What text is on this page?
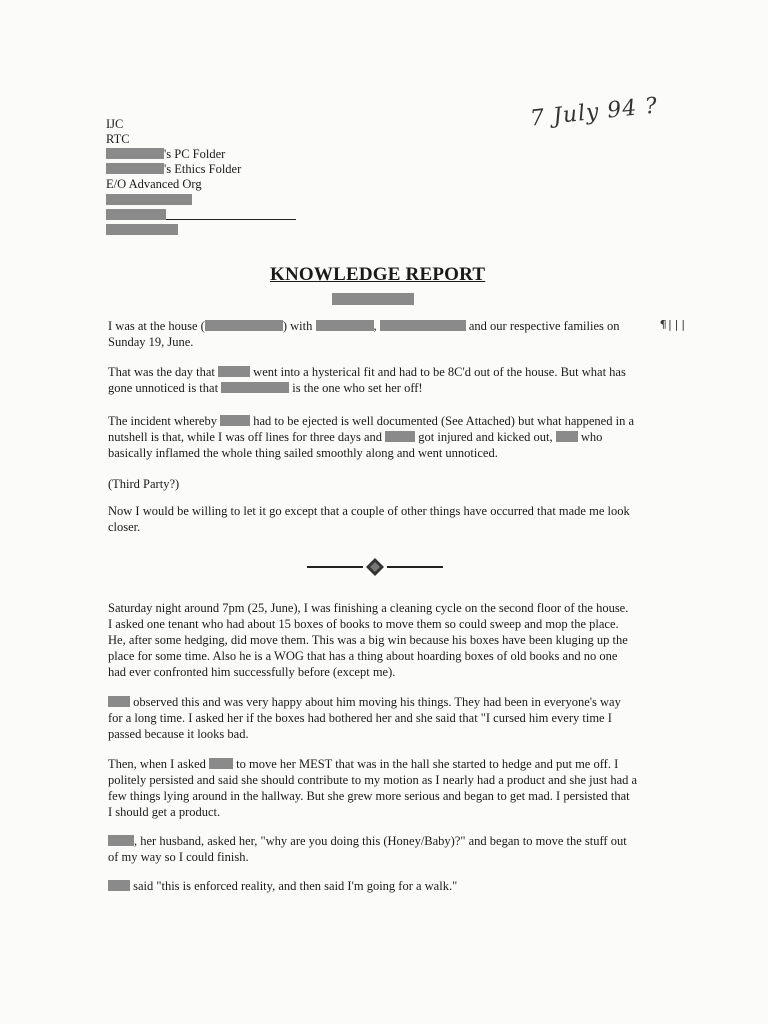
7 July 94 ?
IJC
RTC
's PC Folder
's Ethics Folder
E/O Advanced Org
KNOWLEDGE REPORT
¶|||
I was at the house (	) with	,	and our respective families on
Sunday 19, June.
That was the day that	went into a hysterical fit and had to be 8C'd out of the house. But what has
gone unnoticed is that	is the one who set her off!
The incident whereby	had to be ejected is well documented (See Attached) but what happened in a
nutshell is that, while I was off lines for three days and	got injured and kicked out, who
basically inflamed the whole thing sailed smoothly along and went unnoticed.
(Third Party?)
Now I would be willing to let it go except that a couple of other things have occurred that made me look
closer.
Saturday night around 7pm (25, June), I was finishing a cleaning cycle on the second floor of the house.
I asked one tenant who had about 15 boxes of books to move them so could sweep and mop the place.
He, after some hedging, did move them. This was a big win because his boxes have been kluging up the
place for some time. Also he is a WOG that has a thing about hoarding boxes of old books and no one
had ever confronted him successfully before (except me).
observed this and was very happy about him moving his things. They had been in everyone's way
for a long time. I asked her if the boxes had bothered her and she said that "I cursed him every time I
passed because it looks bad.
Then, when I asked to move her MEST that was in the hall she started to hedge and put me off. I
politely persisted and said she should contribute to my motion as I nearly had a product and she just had a
few things lying around in the hallway. But she grew more serious and began to get mad. I persisted that
I should get a product.
, her husband, asked her, "why are you doing this (Honey/Baby)?" and began to move the stuff out
of my way so I could finish.
said "this is enforced reality, and then said I'm going for a walk."
